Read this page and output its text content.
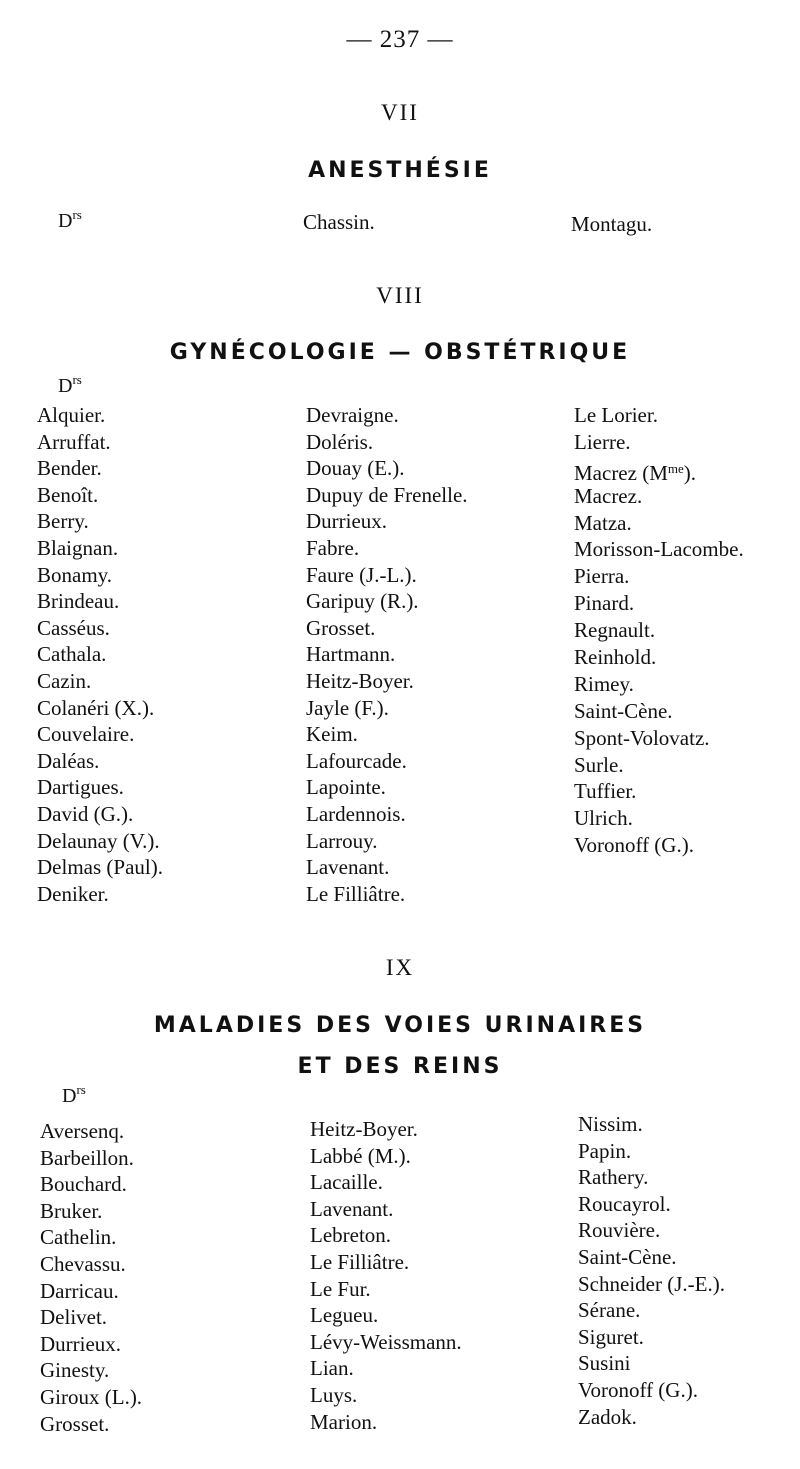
— 237 —
VII
ANESTHÉSIE
$D^{rs}$	Chassin.	Montagu.
VIII
GYNÉCOLOGIE — OBSTÉTRIQUE
$D^{rs}$
Alquier.
Arruffat.
Bender.
Benoît.
Berry.
Blaignan.
Bonamy.
Brindeau.
Casséus.
Cathala.
Cazin.
Colanéri (X.).
Couvelaire.
Daléas.
Dartigues.
David (G.).
Delaunay (V.).
Delmas (Paul).
Deniker.
Devraigne.
Doléris.
Douay (E.).
Dupuy de Frenelle.
Durrieux.
Fabre.
Faure (J.-L.).
Garipuy (R.).
Grosset.
Hartmann.
Heitz-Boyer.
Jayle (F.).
Keim.
Lafourcade.
Lapointe.
Lardennois.
Larrouy.
Lavenant.
Le Filliâtre.
Le Lorier.
Lierre.
Macrez $(M^{me})$.
Macrez.
Matza.
Morisson-Lacombe.
Pierra.
Pinard.
Regnault.
Reinhold.
Rimey.
Saint-Cène.
Spont-Volovatz.
Surle.
Tuffier.
Ulrich.
Voronoff (G.).
IX
MALADIES DES VOIES URINAIRES
ET DES REINS
$D^{rs}$
Aversenq.
Barbeillon.
Bouchard.
Bruker.
Cathelin.
Chevassu.
Darricau.
Delivet.
Durrieux.
Ginesty.
Giroux (L.).
Grosset.
Heitz-Boyer.
Labbé (M.).
Lacaille.
Lavenant.
Lebreton.
Le Filliâtre.
Le Fur.
Legueu.
Lévy-Weissmann.
Lian.
Luys.
Marion.
Nissim.
Papin.
Rathery.
Roucayrol.
Rouvière.
Saint-Cène.
Schneider (J.-E.).
Sérane.
Siguret.
Susini
Voronoff (G.).
Zadok.
